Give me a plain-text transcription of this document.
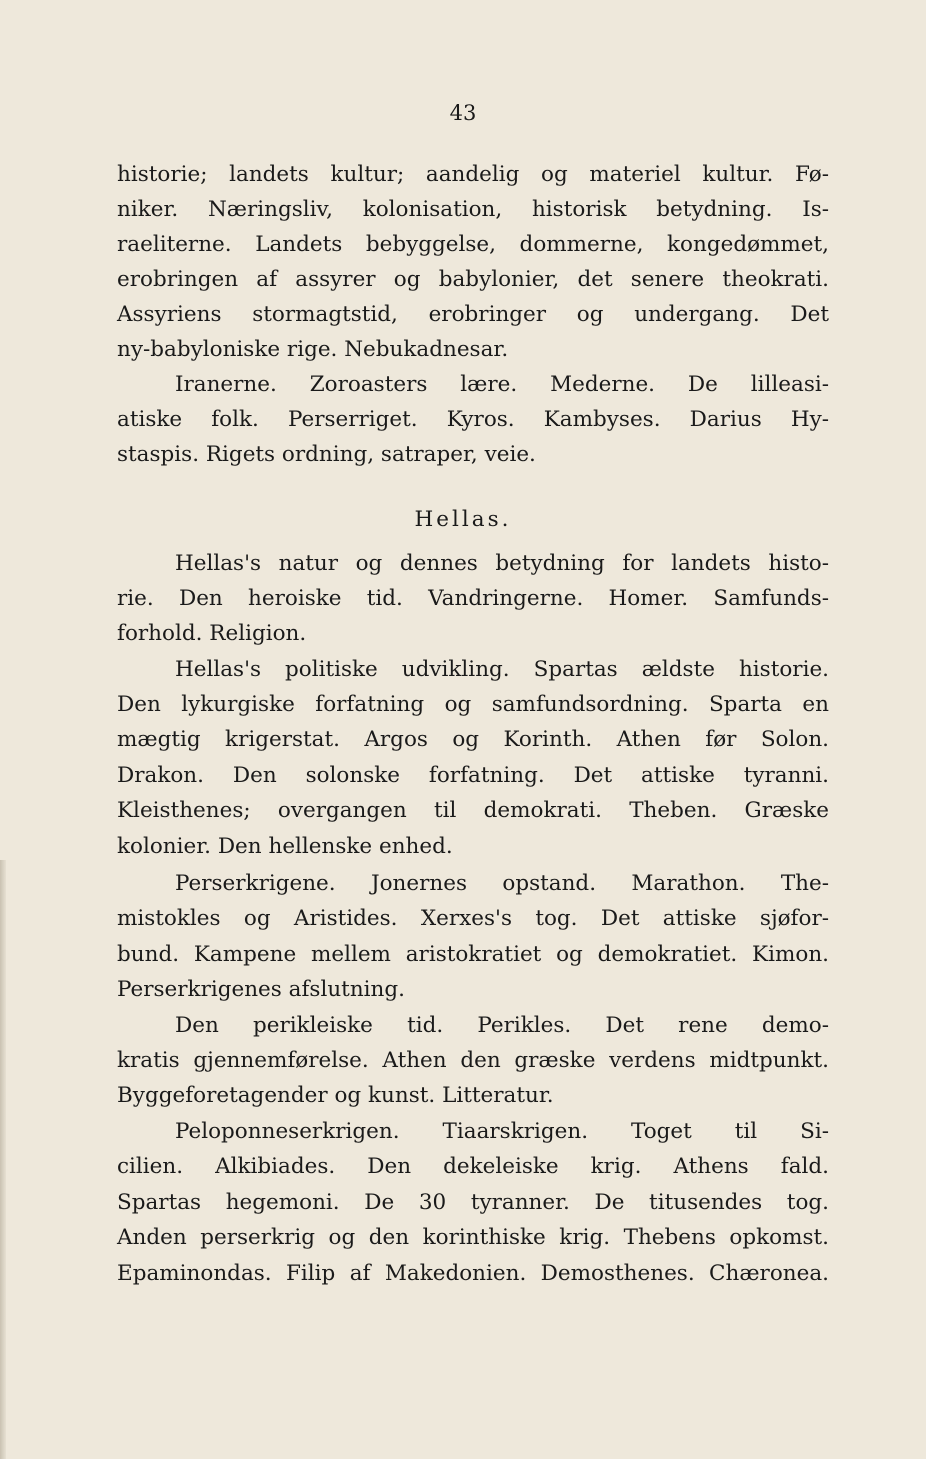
43

historie; landets kultur; aandelig og materiel kultur. Fø-

niker. Næringsliv, kolonisation, historisk betydning. Is-

raeliterne. Landets bebyggelse, dommerne, kongedømmet,

erobringen af assyrer og babylonier, det senere theokrati.

Assyriens stormagtstid, erobringer og undergang. Det

ny-babyloniske rige. Nebukadnesar.

Iranerne. Zoroasters lære. Mederne. De lilleasi-

atiske folk. Perserriget. Kyros. Kambyses. Darius Hy-

staspis. Rigets ordning, satraper, veie.

Hellas.

Hellas's natur og dennes betydning for landets histo-

rie. Den heroiske tid. Vandringerne. Homer. Samfunds-

forhold. Religion.

Hellas's politiske udvikling. Spartas ældste historie.

Den lykurgiske forfatning og samfundsordning. Sparta en

mægtig krigerstat. Argos og Korinth. Athen før Solon.

Drakon. Den solonske forfatning. Det attiske tyranni.

Kleisthenes; overgangen til demokrati. Theben. Græske

kolonier. Den hellenske enhed.

Perserkrigene. Jonernes opstand. Marathon. The-

mistokles og Aristides. Xerxes's tog. Det attiske sjøfor-

bund. Kampene mellem aristokratiet og demokratiet. Kimon.

Perserkrigenes afslutning.

Den perikleiske tid. Perikles. Det rene demo-

kratis gjennemførelse. Athen den græske verdens midtpunkt.

Byggeforetagender og kunst. Litteratur.

Peloponneserkrigen. Tiaarskrigen. Toget til Si-

cilien. Alkibiades. Den dekeleiske krig. Athens fald.

Spartas hegemoni. De 30 tyranner. De titusendes tog.

Anden perserkrig og den korinthiske krig. Thebens opkomst.

Epaminondas. Filip af Makedonien. Demosthenes. Chæronea.
